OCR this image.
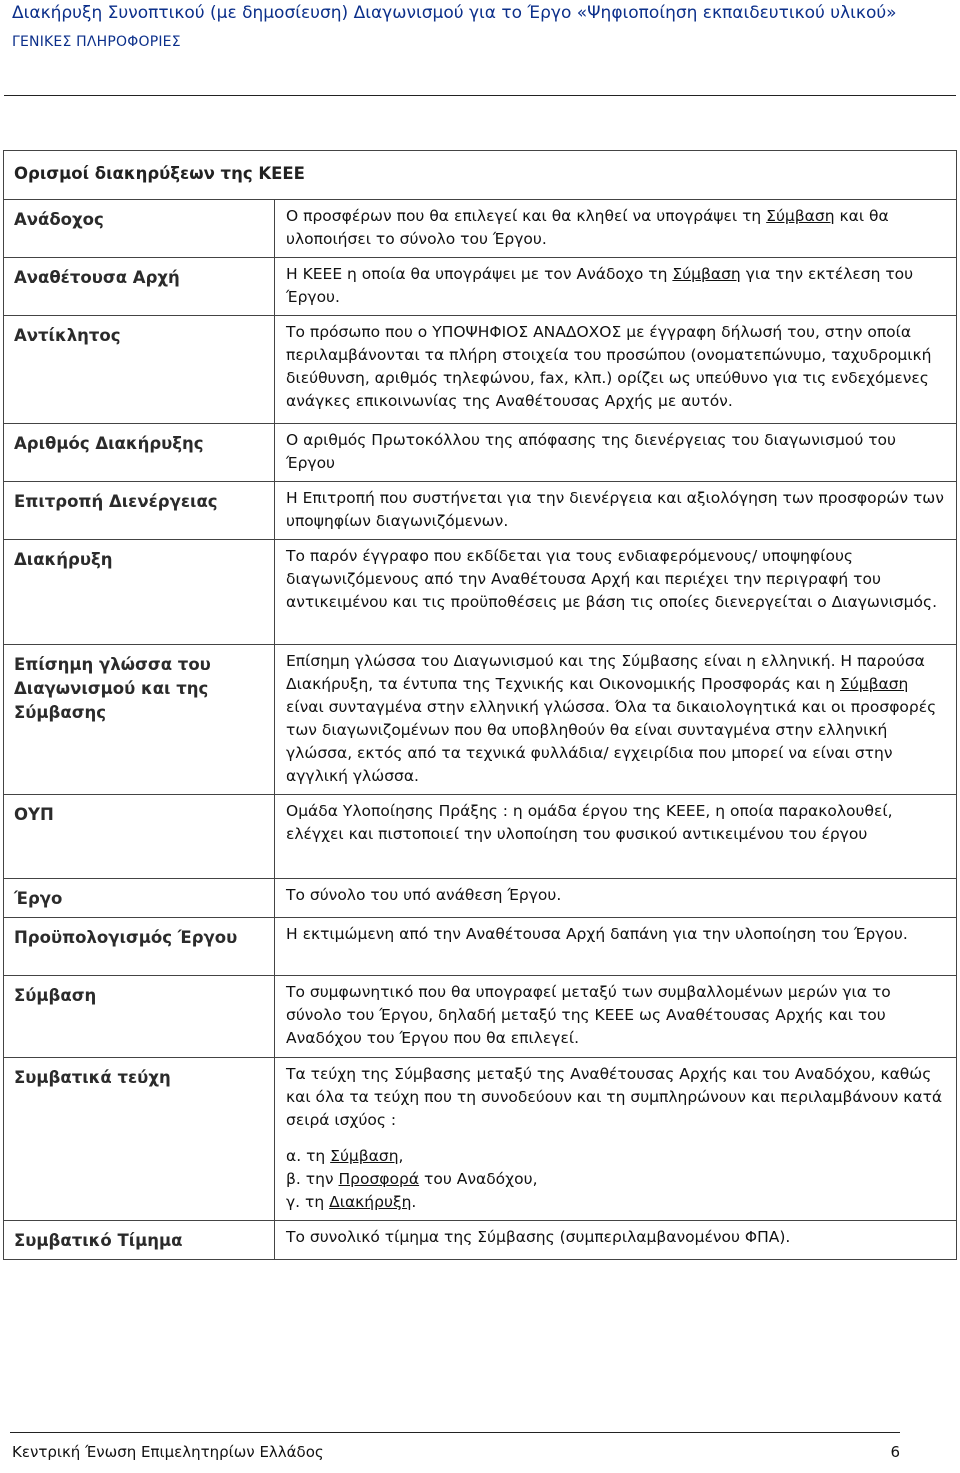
Διακήρυξη Συνοπτικού (με δημοσίευση) Διαγωνισμού για το Έργο «Ψηφιοποίηση εκπαιδευτικού υλικού»
ΓΕΝΙΚΕΣ ΠΛΗΡΟΦΟΡΙΕΣ
Ορισμοί διακηρύξεων της ΚΕΕΕ	
Ανάδοχος	Ο προσφέρων που θα επιλεγεί και θα κληθεί να υπογράψει τη Σύμβαση και θα υλοποιήσει το σύνολο του Έργου.
Αναθέτουσα Αρχή	Η ΚΕΕΕ η οποία θα υπογράψει με τον Ανάδοχο τη Σύμβαση για την εκτέλεση του Έργου.
Αντίκλητος	Το πρόσωπο που ο ΥΠΟΨΗΦΙΟΣ ΑΝΑΔΟΧΟΣ με έγγραφη δήλωσή του, στην οποία περιλαμβάνονται τα πλήρη στοιχεία του προσώπου (ονοματεπώνυμο, ταχυδρομική διεύθυνση, αριθμός τηλεφώνου, fax, κλπ.) ορίζει ως υπεύθυνο για τις ενδεχόμενες ανάγκες επικοινωνίας της Αναθέτουσας Αρχής με αυτόν.
Αριθμός Διακήρυξης	Ο αριθμός Πρωτοκόλλου της απόφασης της διενέργειας του διαγωνισμού του Έργου
Επιτροπή Διενέργειας	Η Επιτροπή που συστήνεται για την διενέργεια και αξιολόγηση των προσφορών των υποψηφίων διαγωνιζόμενων.
Διακήρυξη	Το παρόν έγγραφο που εκδίδεται για τους ενδιαφερόμενους/ υποψηφίους διαγωνιζόμενους από την Αναθέτουσα Αρχή και περιέχει την περιγραφή του αντικειμένου και τις προϋποθέσεις με βάση τις οποίες διενεργείται ο Διαγωνισμός.
Επίσημη γλώσσα του Διαγωνισμού και της Σύμβασης	Επίσημη γλώσσα του Διαγωνισμού και της Σύμβασης είναι η ελληνική. Η παρούσα Διακήρυξη, τα έντυπα της Τεχνικής και Οικονομικής Προσφοράς και η Σύμβαση είναι συνταγμένα στην ελληνική γλώσσα. Όλα τα δικαιολογητικά και οι προσφορές των διαγωνιζομένων που θα υποβληθούν θα είναι συνταγμένα στην ελληνική γλώσσα, εκτός από τα τεχνικά φυλλάδια/ εγχειρίδια που μπορεί να είναι στην αγγλική γλώσσα.
ΟΥΠ	Ομάδα Υλοποίησης Πράξης : η ομάδα έργου της ΚΕΕΕ, η οποία παρακολουθεί, ελέγχει και πιστοποιεί την υλοποίηση του φυσικού αντικειμένου του έργου
Έργο	Το σύνολο του υπό ανάθεση Έργου.
Προϋπολογισμός Έργου	Η εκτιμώμενη από την Αναθέτουσα Αρχή δαπάνη για την υλοποίηση του Έργου.
Σύμβαση	Το συμφωνητικό που θα υπογραφεί μεταξύ των συμβαλλομένων μερών για το σύνολο του Έργου, δηλαδή μεταξύ της ΚΕΕΕ ως Αναθέτουσας Αρχής και του Αναδόχου του Έργου που θα επιλεγεί.
Συμβατικά τεύχη	Τα τεύχη της Σύμβασης μεταξύ της Αναθέτουσας Αρχής και του Αναδόχου, καθώς και όλα τα τεύχη που τη συνοδεύουν και τη συμπληρώνουν και περιλαμβάνουν κατά σειρά ισχύος :
α. τη Σύμβαση,
β. την Προσφορά του Αναδόχου,
γ. τη Διακήρυξη.

Συμβατικό Τίμημα	Το συνολικό τίμημα της Σύμβασης (συμπεριλαμβανομένου ΦΠΑ).
Κεντρική Ένωση Επιμελητηρίων Ελλάδος	6
